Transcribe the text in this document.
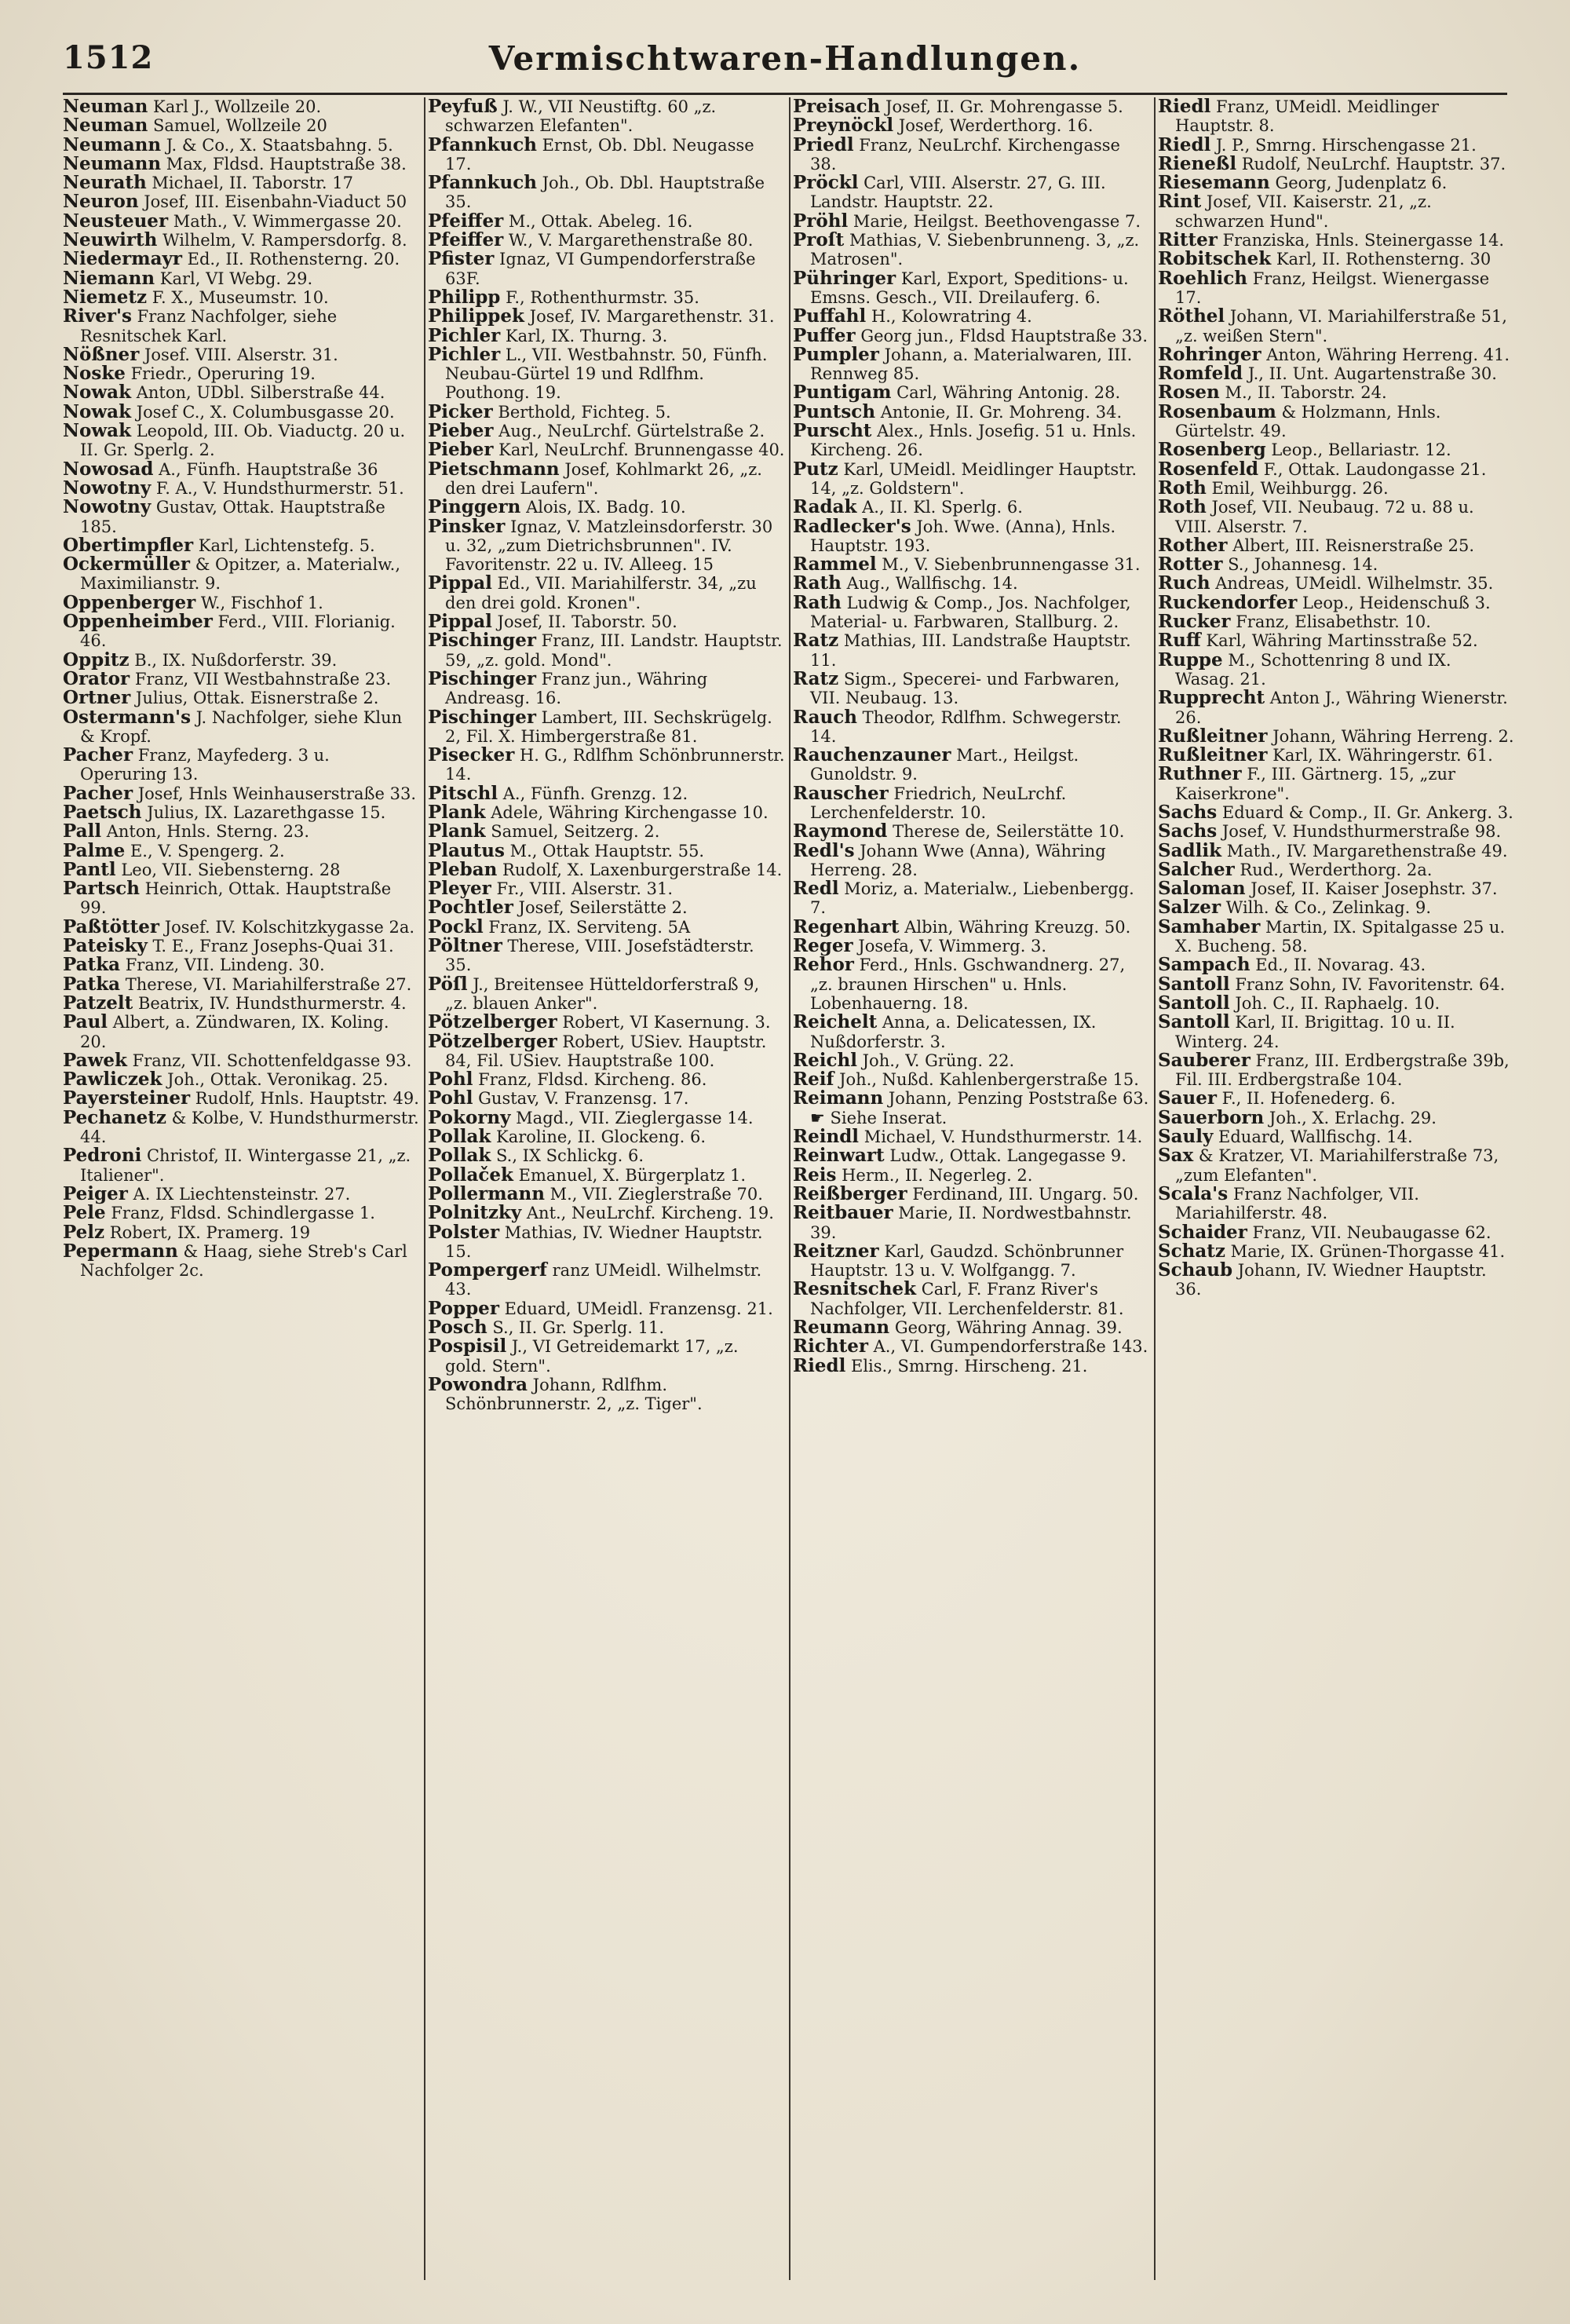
1512	Vermischtwaren-Handlungen.

Neuman Karl J., Wollzeile 20.

Neuman Samuel, Wollzeile 20

Neumann J. & Co., X. Staatsbahng. 5.

Neumann Max, Fldsd. Hauptstraße 38.

Neurath Michael, II. Taborstr. 17

Neuron Josef, III. Eisenbahn-Viaduct 50

Neusteuer Math., V. Wimmergasse 20.

Neuwirth Wilhelm, V. Rampersdorfg. 8.

Niedermayr Ed., II. Rothensterng. 20.

Niemann Karl, VI Webg. 29.

Niemetz F. X., Museumstr. 10.

River's Franz Nachfolger, siehe Resnitschek Karl.

Nößner Josef. VIII. Alserstr. 31.

Noske Friedr., Operuring 19.

Nowak Anton, UDbl. Silberstraße 44.

Nowak Josef C., X. Columbusgasse 20.

Nowak Leopold, III. Ob. Viaductg. 20 u. II. Gr. Sperlg. 2.

Nowosad A., Fünfh. Hauptstraße 36

Nowotny F. A., V. Hundsthurmerstr. 51.

Nowotny Gustav, Ottak. Hauptstraße 185.

Obertimpfler Karl, Lichtenstefg. 5.

Ockermüller & Opitzer, a. Materialw., Maximilianstr. 9.

Oppenberger W., Fischhof 1.

Oppenheimber Ferd., VIII. Florianig. 46.

Oppitz B., IX. Nußdorferstr. 39.

Orator Franz, VII Westbahnstraße 23.

Ortner Julius, Ottak. Eisnerstraße 2.

Ostermann's J. Nachfolger, siehe Klun & Kropf.

Pacher Franz, Mayfederg. 3 u. Operuring 13.

Pacher Josef, Hnls Weinhauserstraße 33.

Paetsch Julius, IX. Lazarethgasse 15.

Pall Anton, Hnls. Sterng. 23.

Palme E., V. Spengerg. 2.

Pantl Leo, VII. Siebensterng. 28

Partsch Heinrich, Ottak. Hauptstraße 99.

Paßtötter Josef. IV. Kolschitzkygasse 2a.

Pateisky T. E., Franz Josephs-Quai 31.

Patka Franz, VII. Lindeng. 30.

Patka Therese, VI. Mariahilferstraße 27.

Patzelt Beatrix, IV. Hundsthurmerstr. 4.

Paul Albert, a. Zündwaren, IX. Koling. 20.

Pawek Franz, VII. Schottenfeldgasse 93.

Pawliczek Joh., Ottak. Veronikag. 25.

Payersteiner Rudolf, Hnls. Hauptstr. 49.

Pechanetz & Kolbe, V. Hundsthurmerstr. 44.

Pedroni Christof, II. Wintergasse 21, „z. Italiener".

Peiger A. IX Liechtensteinstr. 27.

Pele Franz, Fldsd. Schindlergasse 1.

Pelz Robert, IX. Pramerg. 19

Pepermann & Haag, siehe Streb's Carl Nachfolger 2c.

Peyfuß J. W., VII Neustiftg. 60 „z. schwarzen Elefanten".

Pfannkuch Ernst, Ob. Dbl. Neugasse 17.

Pfannkuch Joh., Ob. Dbl. Hauptstraße 35.

Pfeiffer M., Ottak. Abeleg. 16.

Pfeiffer W., V. Margarethenstraße 80.

Pfister Ignaz, VI Gumpendorferstraße 63F.

Philipp F., Rothenthurmstr. 35.

Philippek Josef, IV. Margarethenstr. 31.

Pichler Karl, IX. Thurng. 3.

Pichler L., VII. Westbahnstr. 50, Fünfh. Neubau-Gürtel 19 und Rdlfhm. Pouthong. 19.

Picker Berthold, Fichteg. 5.

Pieber Aug., NeuLrchf. Gürtelstraße 2.

Pieber Karl, NeuLrchf. Brunnengasse 40.

Pietschmann Josef, Kohlmarkt 26, „z. den drei Laufern".

Pinggern Alois, IX. Badg. 10.

Pinsker Ignaz, V. Matzleinsdorferstr. 30 u. 32, „zum Dietrichsbrunnen". IV. Favoritenstr. 22 u. IV. Alleeg. 15

Pippal Ed., VII. Mariahilferstr. 34, „zu den drei gold. Kronen".

Pippal Josef, II. Taborstr. 50.

Pischinger Franz, III. Landstr. Hauptstr. 59, „z. gold. Mond".

Pischinger Franz jun., Währing Andreasg. 16.

Pischinger Lambert, III. Sechskrügelg. 2, Fil. X. Himbergerstraße 81.

Pisecker H. G., Rdlfhm Schönbrunnerstr. 14.

Pitschl A., Fünfh. Grenzg. 12.

Plank Adele, Währing Kirchengasse 10.

Plank Samuel, Seitzerg. 2.

Plautus M., Ottak Hauptstr. 55.

Pleban Rudolf, X. Laxenburgerstraße 14.

Pleyer Fr., VIII. Alserstr. 31.

Pochtler Josef, Seilerstätte 2.

Pockl Franz, IX. Serviteng. 5A

Pöltner Therese, VIII. Josefstädterstr. 35.

Pöſl J., Breitensee Hütteldorferstraß 9, „z. blauen Anker".

Pötzelberger Robert, VI Kasernung. 3.

Pötzelberger Robert, USiev. Hauptstr. 84, Fil. USiev. Hauptstraße 100.

Pohl Franz, Fldsd. Kircheng. 86.

Pohl Gustav, V. Franzensg. 17.

Pokorny Magd., VII. Zieglergasse 14.

Pollak Karoline, II. Glockeng. 6.

Pollak S., IX Schlickg. 6.

Pollaček Emanuel, X. Bürgerplatz 1.

Pollermann M., VII. Zieglerstraße 70.

Polnitzky Ant., NeuLrchf. Kircheng. 19.

Polster Mathias, IV. Wiedner Hauptstr. 15.

Pompergerf ranz UMeidl. Wilhelmstr. 43.

Popper Eduard, UMeidl. Franzensg. 21.

Posch S., II. Gr. Sperlg. 11.

Pospisil J., VI Getreidemarkt 17, „z. gold. Stern".

Powondra Johann, Rdlfhm. Schönbrunnerstr. 2, „z. Tiger".

Preisach Josef, II. Gr. Mohrengasse 5.

Preynöckl Josef, Werderthorg. 16.

Priedl Franz, NeuLrchf. Kirchengasse 38.

Pröckl Carl, VIII. Alserstr. 27, G. III. Landstr. Hauptstr. 22.

Pröhl Marie, Heilgst. Beethovengasse 7.

Proſt Mathias, V. Siebenbrunneng. 3, „z. Matrosen".

Pühringer Karl, Export, Speditions- u. Emsns. Gesch., VII. Dreilauferg. 6.

Puffahl H., Kolowratring 4.

Puffer Georg jun., Fldsd Hauptstraße 33.

Pumpler Johann, a. Materialwaren, III. Rennweg 85.

Puntigam Carl, Währing Antonig. 28.

Puntsch Antonie, II. Gr. Mohreng. 34.

Purscht Alex., Hnls. Josefig. 51 u. Hnls. Kircheng. 26.

Putz Karl, UMeidl. Meidlinger Hauptstr. 14, „z. Goldstern".

Radak A., II. Kl. Sperlg. 6.

Radlecker's Joh. Wwe. (Anna), Hnls. Hauptstr. 193.

Rammel M., V. Siebenbrunnengasse 31.

Rath Aug., Wallfischg. 14.

Rath Ludwig & Comp., Jos. Nachfolger, Material- u. Farbwaren, Stallburg. 2.

Ratz Mathias, III. Landstraße Hauptstr. 11.

Ratz Sigm., Specerei- und Farbwaren, VII. Neubaug. 13.

Rauch Theodor, Rdlfhm. Schwegerstr. 14.

Rauchenzauner Mart., Heilgst. Gunoldstr. 9.

Rauscher Friedrich, NeuLrchf. Lerchenfelderstr. 10.

Raymond Therese de, Seilerstätte 10.

Redl's Johann Wwe (Anna), Währing Herreng. 28.

Redl Moriz, a. Materialw., Liebenbergg. 7.

Regenhart Albin, Währing Kreuzg. 50.

Reger Josefa, V. Wimmerg. 3.

Rehor Ferd., Hnls. Gschwandnerg. 27, „z. braunen Hirschen" u. Hnls. Lobenhauerng. 18.

Reichelt Anna, a. Delicatessen, IX. Nußdorferstr. 3.

Reichl Joh., V. Grüng. 22.

Reif Joh., Nußd. Kahlenbergerstraße 15.

Reimann Johann, Penzing Poststraße 63. ☛ Siehe Inserat.

Reindl Michael, V. Hundsthurmerstr. 14.

Reinwart Ludw., Ottak. Langegasse 9.

Reis Herm., II. Negerleg. 2.

Reißberger Ferdinand, III. Ungarg. 50.

Reitbauer Marie, II. Nordwestbahnstr. 39.

Reitzner Karl, Gaudzd. Schönbrunner Hauptstr. 13 u. V. Wolfgangg. 7.

Resnitschek Carl, F. Franz River's Nachfolger, VII. Lerchenfelderstr. 81.

Reumann Georg, Währing Annag. 39.

Richter A., VI. Gumpendorferstraße 143.

Riedl Elis., Smrng. Hirscheng. 21.

Riedl Franz, UMeidl. Meidlinger Hauptstr. 8.

Riedl J. P., Smrng. Hirschengasse 21.

Rieneßl Rudolf, NeuLrchf. Hauptstr. 37.

Riesemann Georg, Judenplatz 6.

Rint Josef, VII. Kaiserstr. 21, „z. schwarzen Hund".

Ritter Franziska, Hnls. Steinergasse 14.

Robitschek Karl, II. Rothensterng. 30

Roehlich Franz, Heilgst. Wienergasse 17.

Röthel Johann, VI. Mariahilferstraße 51, „z. weißen Stern".

Rohringer Anton, Währing Herreng. 41.

Romfeld J., II. Unt. Augartenstraße 30.

Rosen M., II. Taborstr. 24.

Rosenbaum & Holzmann, Hnls. Gürtelstr. 49.

Rosenberg Leop., Bellariastr. 12.

Rosenfeld F., Ottak. Laudongasse 21.

Roth Emil, Weihburgg. 26.

Roth Josef, VII. Neubaug. 72 u. 88 u. VIII. Alserstr. 7.

Rother Albert, III. Reisnerstraße 25.

Rotter S., Johannesg. 14.

Ruch Andreas, UMeidl. Wilhelmstr. 35.

Ruckendorfer Leop., Heidenschuß 3.

Rucker Franz, Elisabethstr. 10.

Ruff Karl, Währing Martinsstraße 52.

Ruppe M., Schottenring 8 und IX. Wasag. 21.

Rupprecht Anton J., Währing Wienerstr. 26.

Rußleitner Johann, Währing Herreng. 2.

Rußleitner Karl, IX. Währingerstr. 61.

Ruthner F., III. Gärtnerg. 15, „zur Kaiserkrone".

Sachs Eduard & Comp., II. Gr. Ankerg. 3.

Sachs Josef, V. Hundsthurmerstraße 98.

Sadlik Math., IV. Margarethenstraße 49.

Salcher Rud., Werderthorg. 2a.

Saloman Josef, II. Kaiser Josephstr. 37.

Salzer Wilh. & Co., Zelinkag. 9.

Samhaber Martin, IX. Spitalgasse 25 u. X. Bucheng. 58.

Sampach Ed., II. Novarag. 43.

Santoll Franz Sohn, IV. Favoritenstr. 64.

Santoll Joh. C., II. Raphaelg. 10.

Santoll Karl, II. Brigittag. 10 u. II. Winterg. 24.

Sauberer Franz, III. Erdbergstraße 39b, Fil. III. Erdbergstraße 104.

Sauer F., II. Hofenederg. 6.

Sauerborn Joh., X. Erlachg. 29.

Sauly Eduard, Wallfischg. 14.

Sax & Kratzer, VI. Mariahilferstraße 73, „zum Elefanten".

Scala's Franz Nachfolger, VII. Mariahilferstr. 48.

Schaider Franz, VII. Neubaugasse 62.

Schatz Marie, IX. Grünen-Thorgasse 41.

Schaub Johann, IV. Wiedner Hauptstr. 36.
